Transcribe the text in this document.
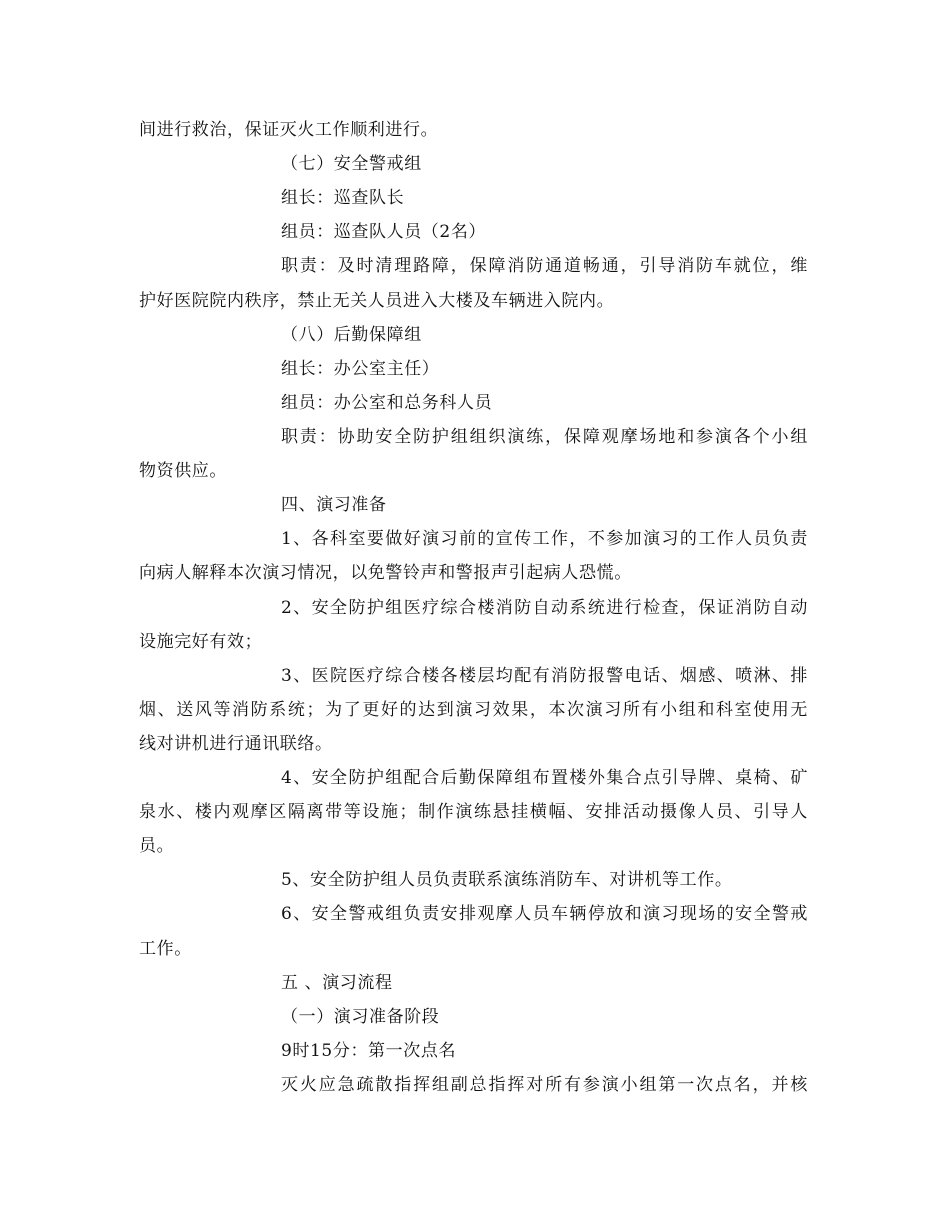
间进行救治，保证灭火工作顺利进行。
（七）安全警戒组
组长：巡查队长
组员：巡查队人员（2名）
职责：及时清理路障，保障消防通道畅通，引导消防车就位，维
护好医院院内秩序，禁止无关人员进入大楼及车辆进入院内。
（八）后勤保障组
组长：办公室主任）
组员：办公室和总务科人员
职责：协助安全防护组组织演练，保障观摩场地和参演各个小组
物资供应。
四、演习准备
1、各科室要做好演习前的宣传工作，不参加演习的工作人员负责
向病人解释本次演习情况，以免警铃声和警报声引起病人恐慌。
2、安全防护组医疗综合楼消防自动系统进行检查，保证消防自动
设施完好有效；
3、医院医疗综合楼各楼层均配有消防报警电话、烟感、喷淋、排
烟、送风等消防系统；为了更好的达到演习效果，本次演习所有小组和科室使用无
线对讲机进行通讯联络。
4、安全防护组配合后勤保障组布置楼外集合点引导牌、桌椅、矿
泉水、楼内观摩区隔离带等设施；制作演练悬挂横幅、安排活动摄像人员、引导人
员。
5、安全防护组人员负责联系演练消防车、对讲机等工作。
6、安全警戒组负责安排观摩人员车辆停放和演习现场的安全警戒
工作。
五 、演习流程
（一）演习准备阶段
9时15分：第一次点名
灭火应急疏散指挥组副总指挥对所有参演小组第一次点名，并核
